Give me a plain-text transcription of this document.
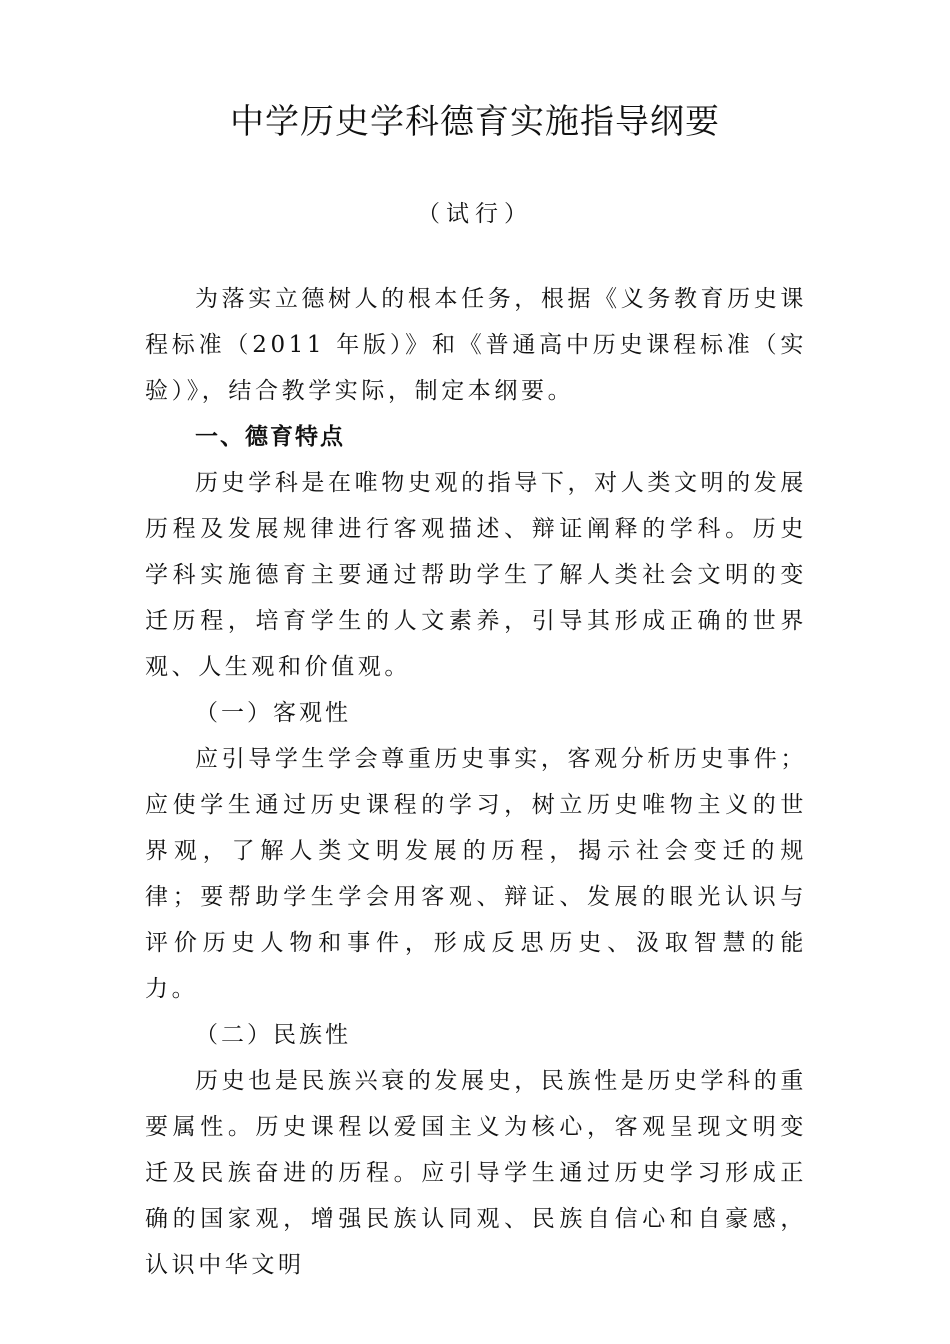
中学历史学科德育实施指导纲要
（试行）

为落实立德树人的根本任务，根据《义务教育历史课程标准（2011 年版）》和《普通高中历史课程标准（实验）》，结合教学实际，制定本纲要。

一、德育特点

历史学科是在唯物史观的指导下，对人类文明的发展历程及发展规律进行客观描述、辩证阐释的学科。历史学科实施德育主要通过帮助学生了解人类社会文明的变迁历程，培育学生的人文素养，引导其形成正确的世界观、人生观和价值观。

（一）客观性

应引导学生学会尊重历史事实，客观分析历史事件；应使学生通过历史课程的学习，树立历史唯物主义的世界观，了解人类文明发展的历程，揭示社会变迁的规律；要帮助学生学会用客观、辩证、发展的眼光认识与评价历史人物和事件，形成反思历史、汲取智慧的能力。

（二）民族性

历史也是民族兴衰的发展史，民族性是历史学科的重要属性。历史课程以爱国主义为核心，客观呈现文明变迁及民族奋进的历程。应引导学生通过历史学习形成正确的国家观，增强民族认同观、民族自信心和自豪感，认识中华文明
